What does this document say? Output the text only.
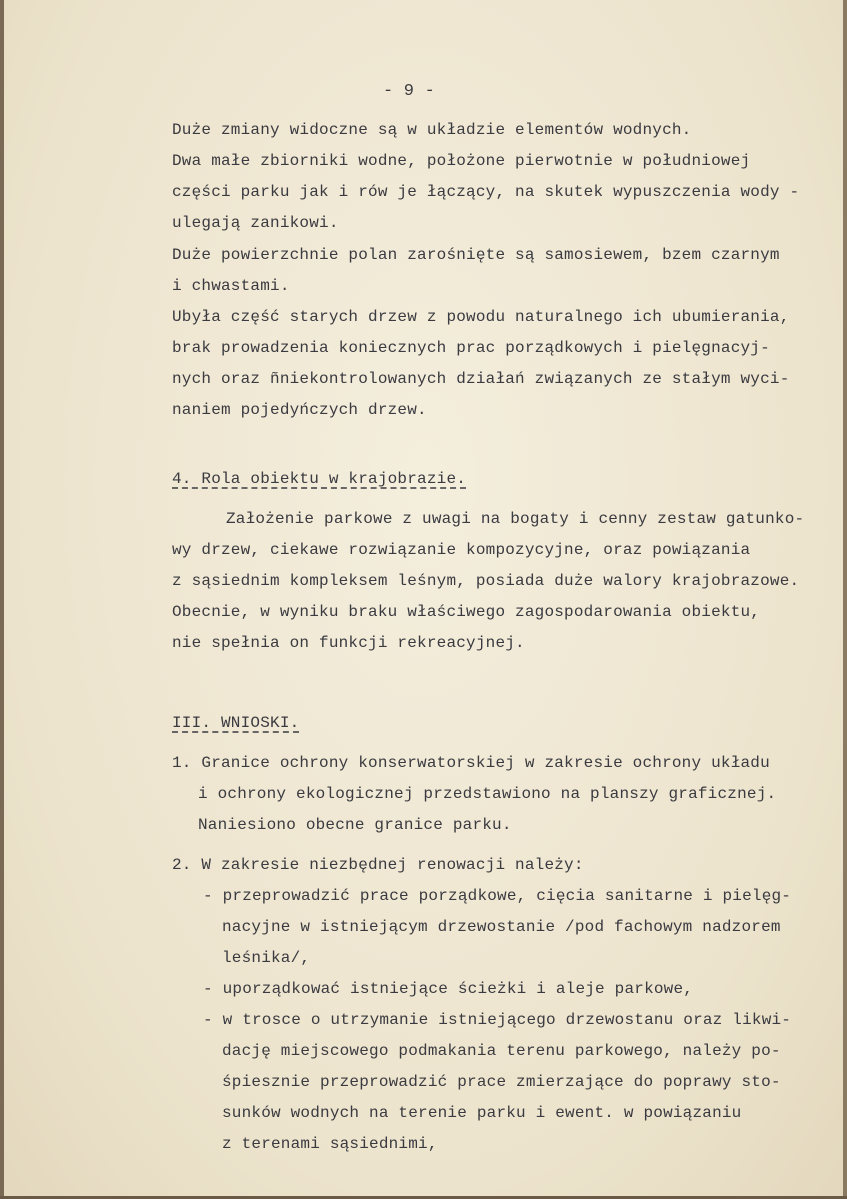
- 9 -
Duże zmiany widoczne są w układzie elementów wodnych.
Dwa małe zbiorniki wodne, położone pierwotnie w południowej
części parku jak i rów je łączący, na skutek wypuszczenia wody -
ulegają zanikowi.
Duże powierzchnie polan zarośnięte są samosiewem, bzem czarnym
i chwastami.
Ubyła część starych drzew z powodu naturalnego ich ubumierania,
brak prowadzenia koniecznych prac porządkowych i pielęgnacyj-
nych oraz ñniekontrolowanych działań związanych ze stałym wyci-
naniem pojedyńczych drzew.
4. Rola obiektu w krajobrazie.
Założenie parkowe z uwagi na bogaty i cenny zestaw gatunko-
wy drzew, ciekawe rozwiązanie kompozycyjne, oraz powiązania
z sąsiednim kompleksem leśnym, posiada duże walory krajobrazowe.
Obecnie, w wyniku braku właściwego zagospodarowania obiektu,
nie spełnia on funkcji rekreacyjnej.
III. WNIOSKI.
1. Granice ochrony konserwatorskiej w zakresie ochrony układu
i ochrony ekologicznej przedstawiono na planszy graficznej.
Naniesiono obecne granice parku.
2. W zakresie niezbędnej renowacji należy:
- przeprowadzić prace porządkowe, cięcia sanitarne i pielęg-
nacyjne w istniejącym drzewostanie /pod fachowym nadzorem
leśnika/,
- uporządkować istniejące ścieżki i aleje parkowe,
- w trosce o utrzymanie istniejącego drzewostanu oraz likwi-
dację miejscowego podmakania terenu parkowego, należy po-
śpiesznie przeprowadzić prace zmierzające do poprawy sto-
sunków wodnych na terenie parku i ewent. w powiązaniu
z terenami sąsiednimi,
